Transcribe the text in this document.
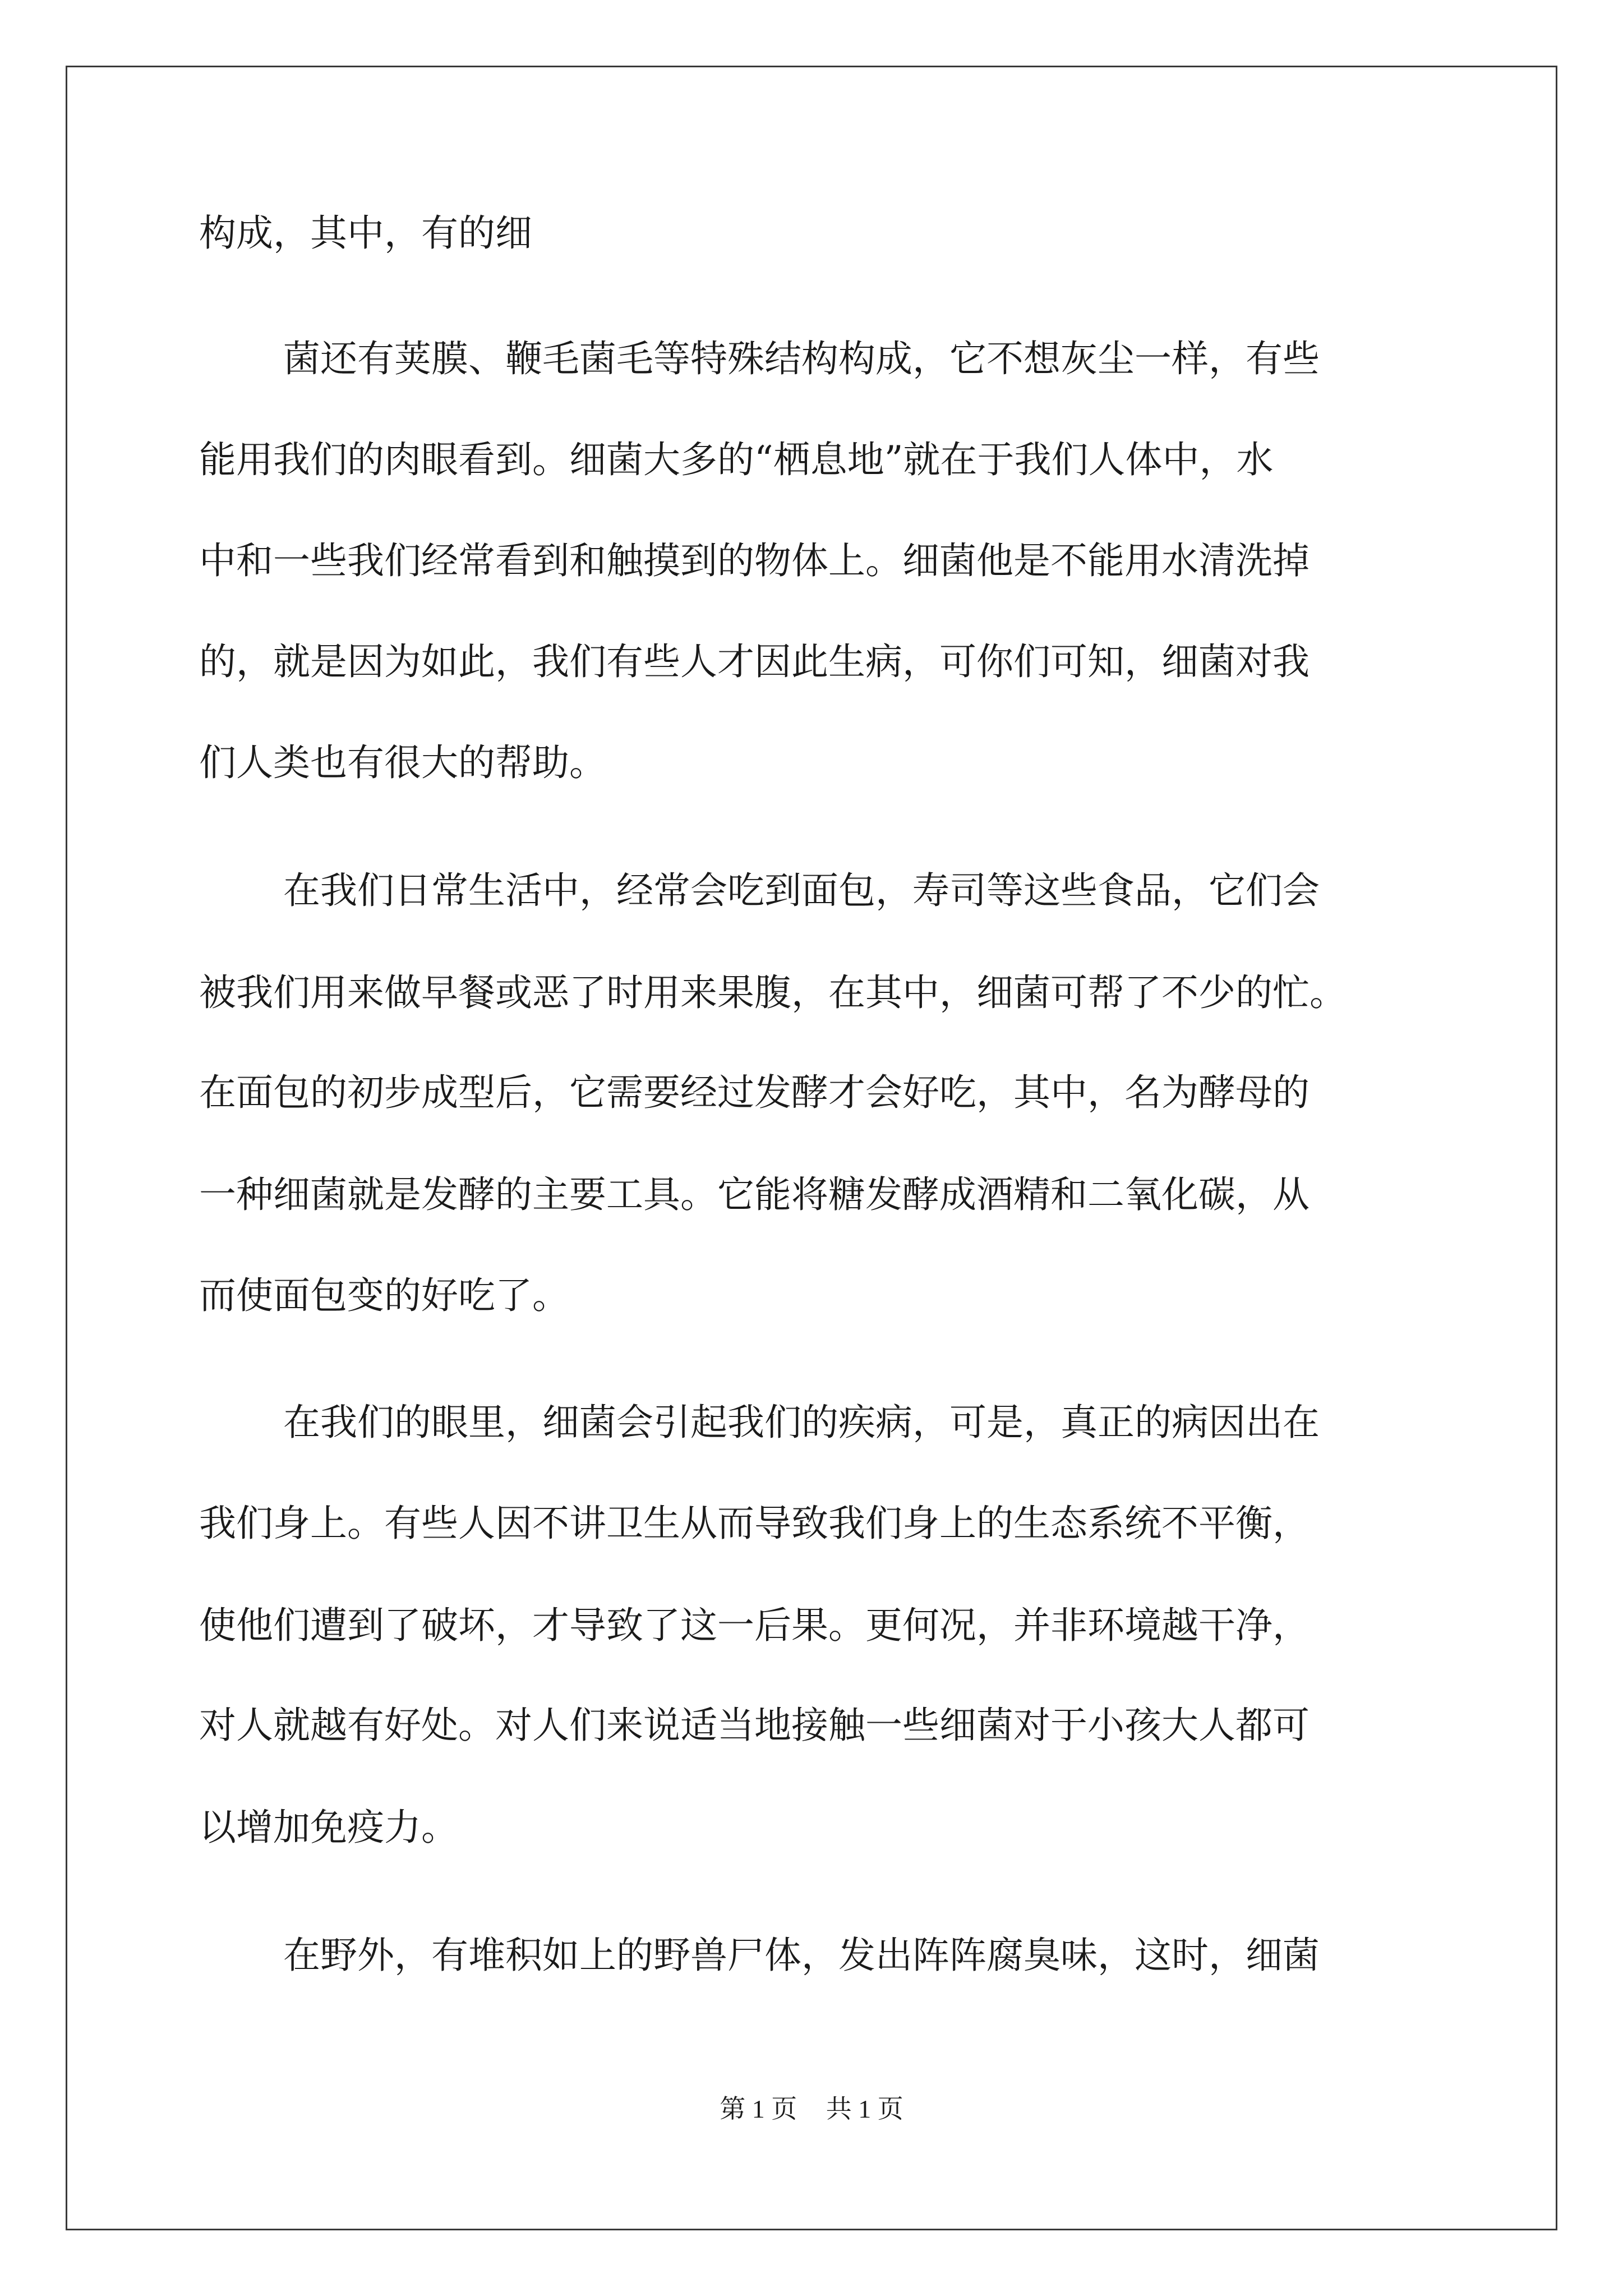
构成，其中，有的细
菌还有荚膜、鞭毛菌毛等特殊结构构成，它不想灰尘一样，有些
能用我们的肉眼看到。细菌大多的“栖息地”就在于我们人体中，水
中和一些我们经常看到和触摸到的物体上。细菌他是不能用水清洗掉
的，就是因为如此，我们有些人才因此生病，可你们可知，细菌对我
们人类也有很大的帮助。
在我们日常生活中，经常会吃到面包，寿司等这些食品，它们会
被我们用来做早餐或恶了时用来果腹，在其中，细菌可帮了不少的忙。
在面包的初步成型后，它需要经过发酵才会好吃，其中，名为酵母的
一种细菌就是发酵的主要工具。它能将糖发酵成酒精和二氧化碳，从
而使面包变的好吃了。
在我们的眼里，细菌会引起我们的疾病，可是，真正的病因出在
我们身上。有些人因不讲卫生从而导致我们身上的生态系统不平衡，
使他们遭到了破坏，才导致了这一后果。更何况，并非环境越干净，
对人就越有好处。对人们来说适当地接触一些细菌对于小孩大人都可
以增加免疫力。
在野外，有堆积如上的野兽尸体，发出阵阵腐臭味，这时，细菌
第 1 页 共 1 页
